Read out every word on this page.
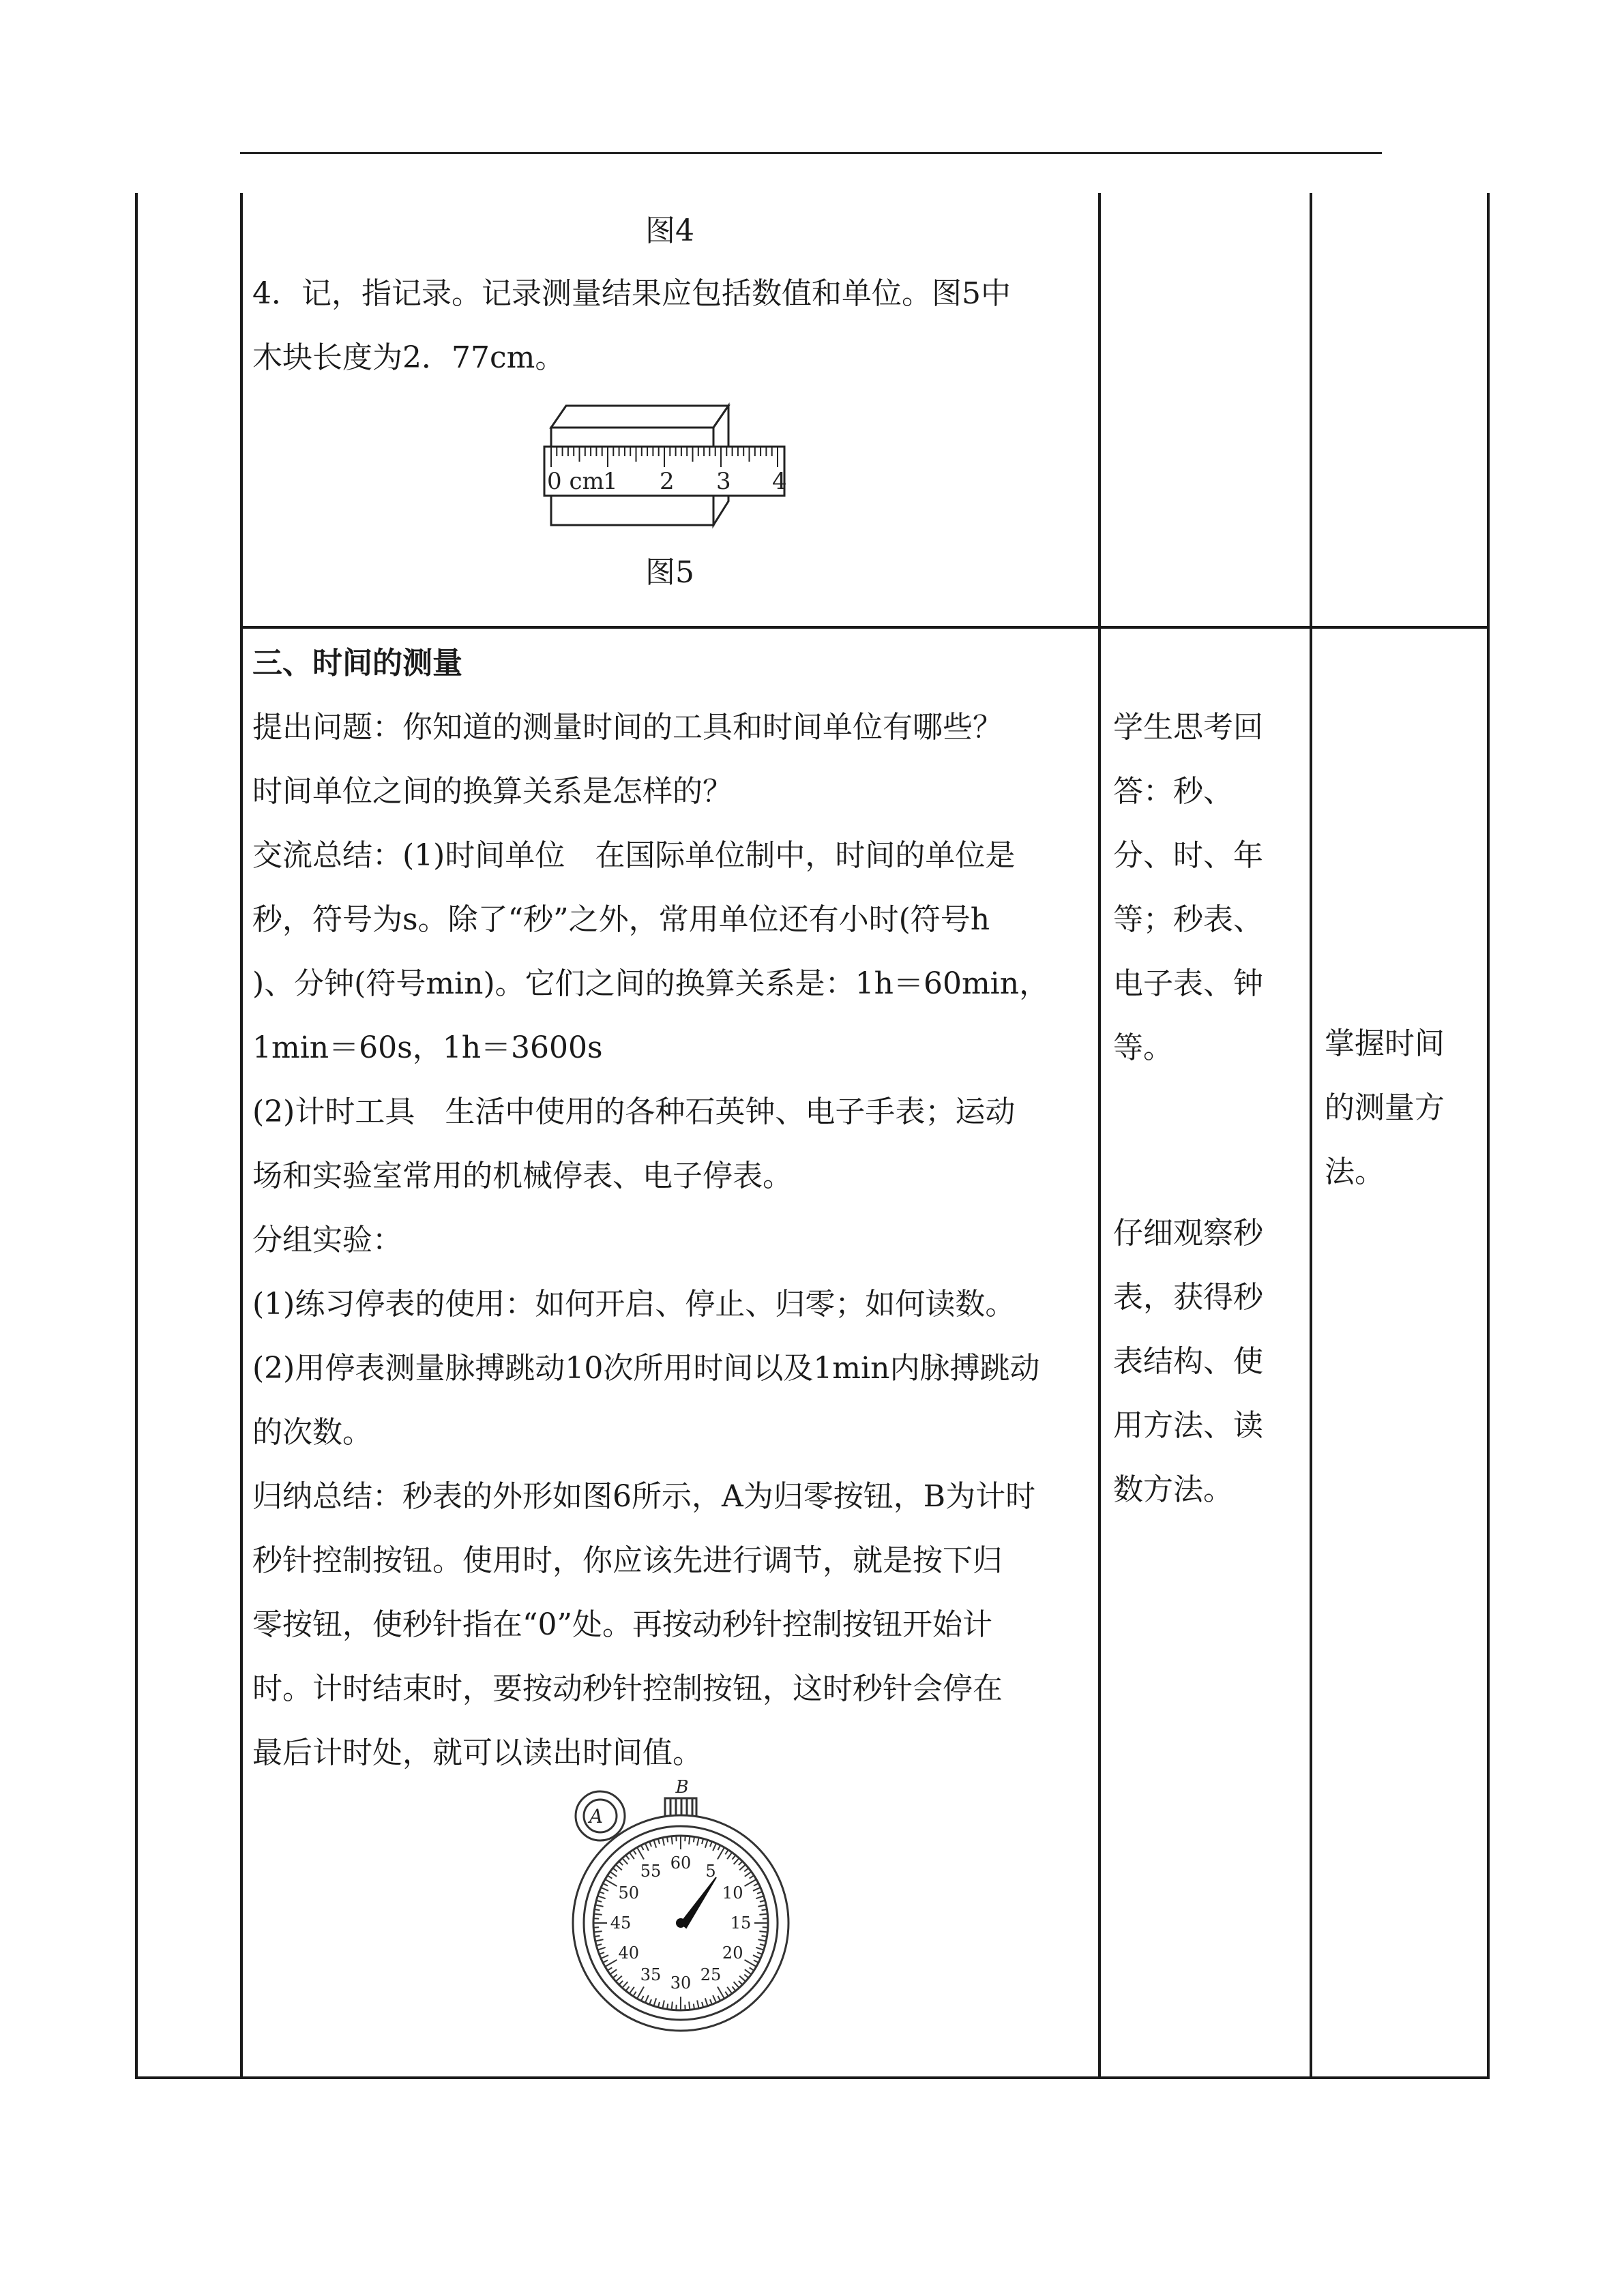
图4

4．记，指记录。记录测量结果应包括数值和单位。图5中

木块长度为2．77cm。

0 cm
1 2 3 4
图5

三、时间的测量

提出问题：你知道的测量时间的工具和时间单位有哪些？

时间单位之间的换算关系是怎样的？

交流总结：(1)时间单位　在国际单位制中，时间的单位是

秒，符号为s。除了“秒”之外，常用单位还有小时(符号h

)、分钟(符号min)。它们之间的换算关系是：1h＝60min，

1min＝60s，1h＝3600s

(2)计时工具　生活中使用的各种石英钟、电子手表；运动

场和实验室常用的机械停表、电子停表。

分组实验：

(1)练习停表的使用：如何开启、停止、归零；如何读数。

(2)用停表测量脉搏跳动10次所用时间以及1min内脉搏跳动

的次数。

归纳总结：秒表的外形如图6所示，A为归零按钮，B为计时

秒针控制按钮。使用时，你应该先进行调节，就是按下归

零按钮，使秒针指在“0”处。再按动秒针控制按钮开始计

时。计时结束时，要按动秒针控制按钮，这时秒针会停在

最后计时处，就可以读出时间值。

学生思考回

答：秒、

分、时、年

等；秒表、

电子表、钟

等。

仔细观察秒

表，获得秒

表结构、使

用方法、读

数方法。

掌握时间

的测量方

法。

A
B
60 5
10
15
20
25
30
35
40
45
50
55
